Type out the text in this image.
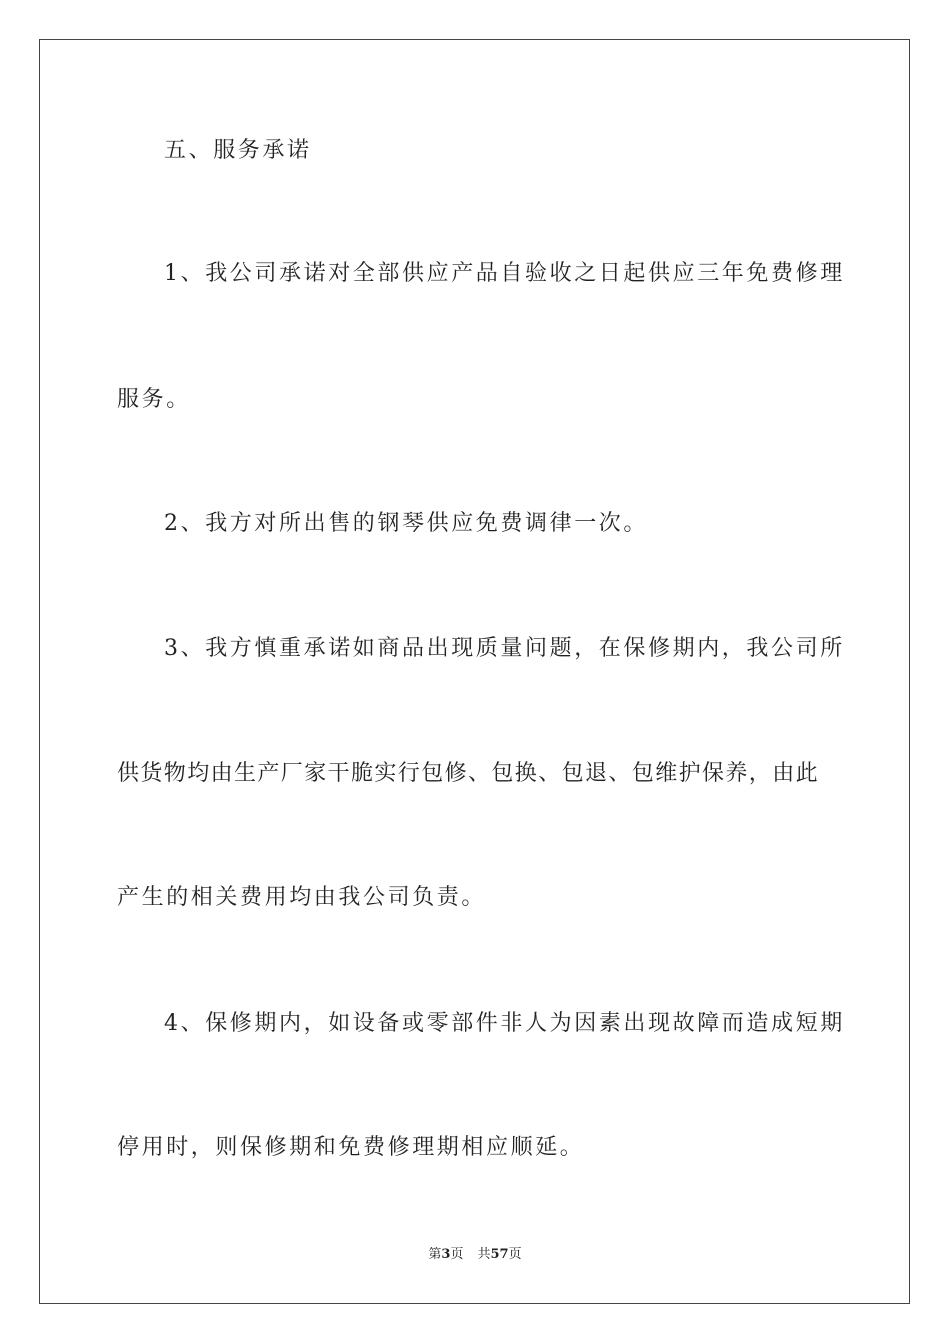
五、服务承诺
1、我公司承诺对全部供应产品自验收之日起供应三年免费修理
服务。
2、我方对所出售的钢琴供应免费调律一次。
3、我方慎重承诺如商品出现质量问题，在保修期内，我公司所
供货物均由生产厂家干脆实行包修、包换、包退、包维护保养，由此
产生的相关费用均由我公司负责。
4、保修期内，如设备或零部件非人为因素出现故障而造成短期
停用时，则保修期和免费修理期相应顺延。
第3页 共57页
